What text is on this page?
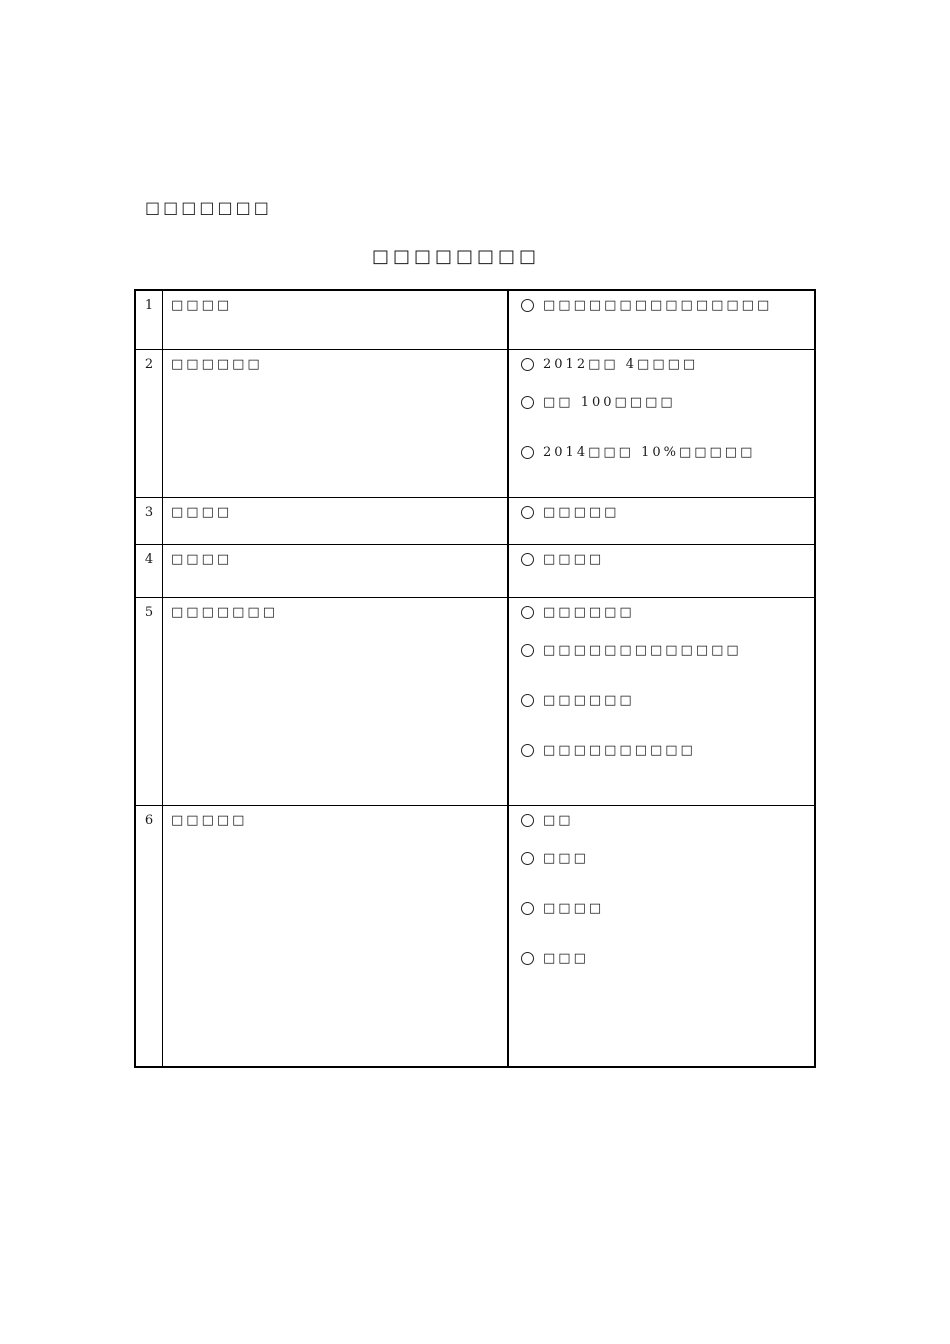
□□□□□□□
□□□□□□□□
1	□□□□	□□□□□□□□□□□□□□□

2	□□□□□□	2012□□ 4□□□□
□□ 100□□□□
2014□□□ 10%□□□□□

3	□□□□	□□□□□

4	□□□□	□□□□

5	□□□□□□□	□□□□□□
□□□□□□□□□□□□□
□□□□□□
□□□□□□□□□□

6	□□□□□	□□
□□□
□□□□
□□□
